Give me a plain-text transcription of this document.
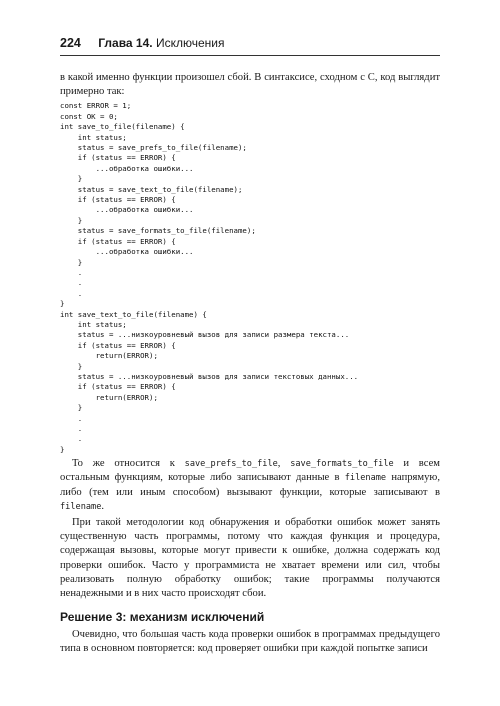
224 Глава 14. Исключения

в какой именно функции произошел сбой. В синтаксисе, сходном с C, код выглядит примерно так:

const ERROR = 1;
const OK = 0;
int save_to_file(filename) {
int status;
status = save_prefs_to_file(filename);
if (status == ERROR) {
...обработка ошибки...
}
status = save_text_to_file(filename);
if (status == ERROR) {
...обработка ошибки...
}
status = save_formats_to_file(filename);
if (status == ERROR) {
...обработка ошибки...
}
.
.
.
}
int save_text_to_file(filename) {
int status;
status = ...низкоуровневый вызов для записи размера текста...
if (status == ERROR) {
return(ERROR);
}
status = ...низкоуровневый вызов для записи текстовых данных...
if (status == ERROR) {
return(ERROR);
}
.
.
.
}

То же относится к save_prefs_to_file, save_formats_to_file и всем остальным функциям, которые либо записывают данные в filename напрямую, либо (тем или иным способом) вызывают функции, которые записывают в filename.

При такой методологии код обнаружения и обработки ошибок может занять существенную часть программы, потому что каждая функция и процедура, содержащая вызовы, которые могут привести к ошибке, должна содержать код проверки ошибок. Часто у программиста не хватает времени или сил, чтобы реализовать полную обработку ошибок; такие программы получаются ненадежными и в них часто происходят сбои.

Решение 3: механизм исключений

Очевидно, что большая часть кода проверки ошибок в программах предыдущего типа в основном повторяется: код проверяет ошибки при каждой попытке записи
